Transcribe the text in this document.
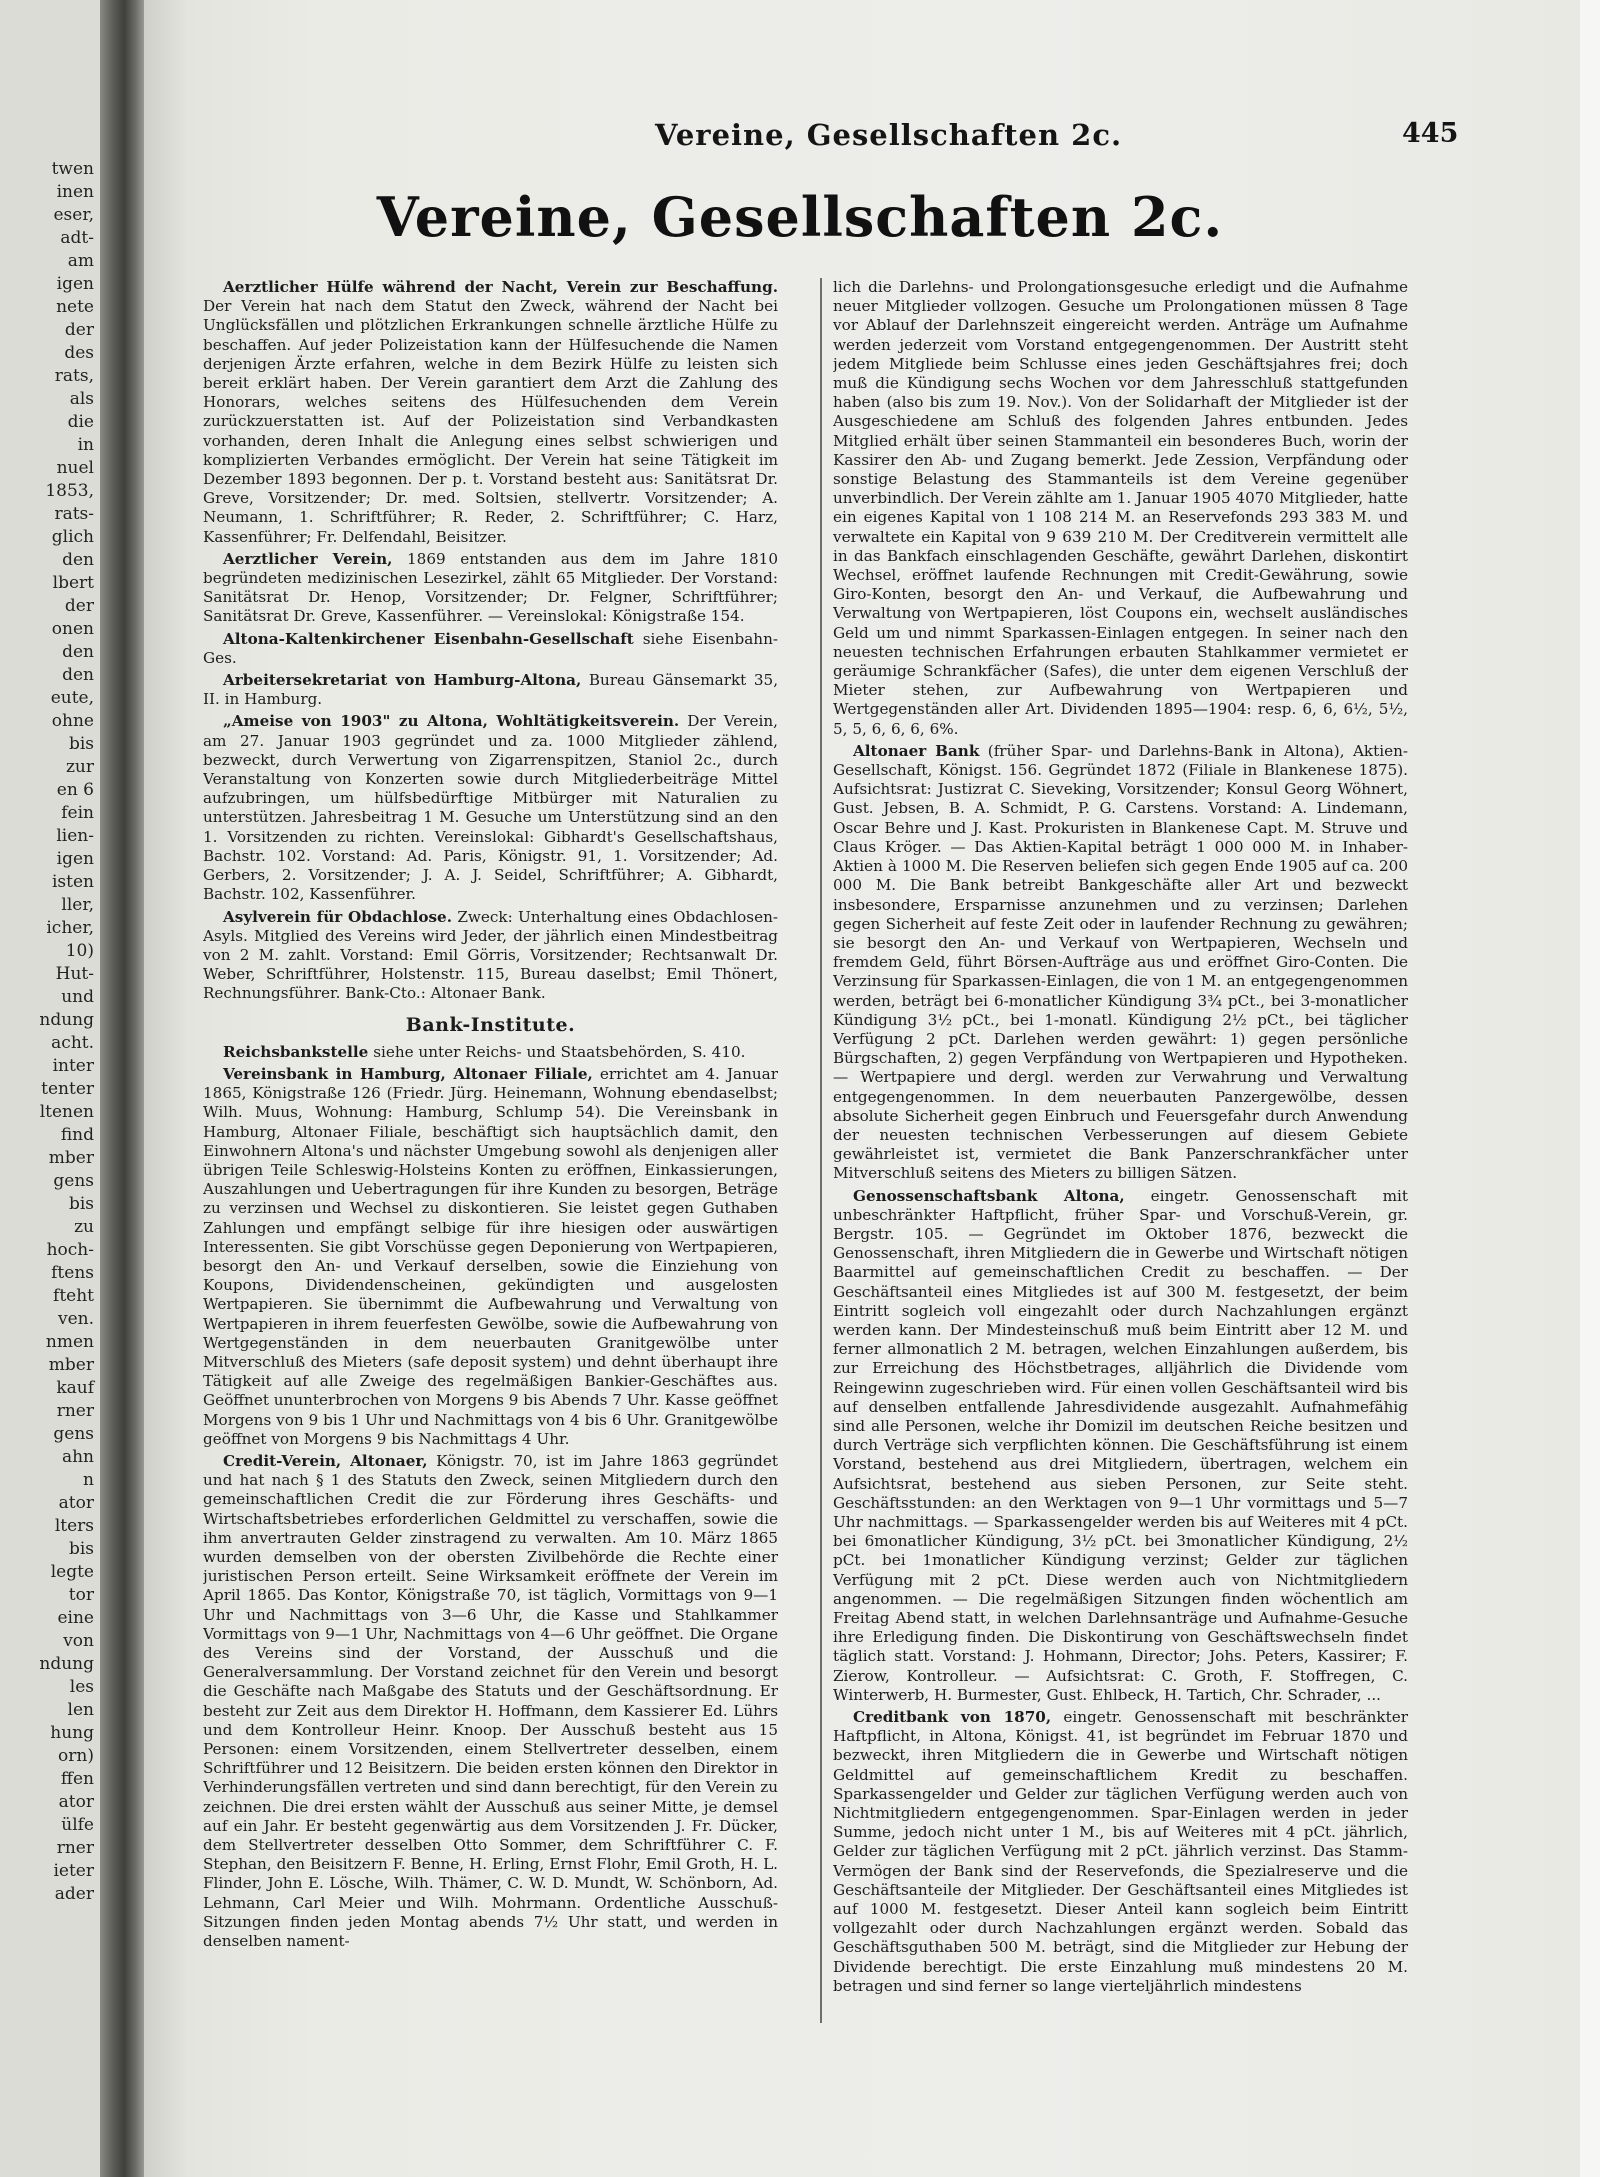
twen
inen
eser,
adt-
am
igen
nete
der
des
rats,
als
die
in
nuel
1853,
rats-
glich
den
lbert
der
onen
den
den
eute,
ohne
bis
zur
en 6
fein
lien-
igen
isten
ller,
icher,
10)
Hut-
und
ndung
acht.
inter
tenter
ltenen
find
mber
gens
bis
zu
hoch-
ftens
fteht
ven.
nmen
mber
kauf
rner
gens
ahn
n
ator
lters
bis
legte
tor
eine
von
ndung
les
len
hung
orn)
ffen
ator
ülfe
rner
ieter
ader
Vereine, Gesellschaften 2c.	445
Vereine, Gesellschaften 2c.

Aerztlicher Hülfe während der Nacht, Verein zur Beschaffung. Der Verein hat nach dem Statut den Zweck, während der Nacht bei Unglücksfällen und plötzlichen Erkrankungen schnelle ärztliche Hülfe zu beschaffen. Auf jeder Polizeistation kann der Hülfesuchende die Namen derjenigen Ärzte erfahren, welche in dem Bezirk Hülfe zu leisten sich bereit erklärt haben. Der Verein garantiert dem Arzt die Zahlung des Honorars, welches seitens des Hülfesuchenden dem Verein zurückzuerstatten ist. Auf der Polizeistation sind Verbandkasten vorhanden, deren Inhalt die Anlegung eines selbst schwierigen und komplizierten Verbandes ermöglicht. Der Verein hat seine Tätigkeit im Dezember 1893 begonnen. Der p. t. Vorstand besteht aus: Sanitätsrat Dr. Greve, Vorsitzender; Dr. med. Soltsien, stellvertr. Vorsitzender; A. Neumann, 1. Schriftführer; R. Reder, 2. Schriftführer; C. Harz, Kassenführer; Fr. Delfendahl, Beisitzer.

Aerztlicher Verein, 1869 entstanden aus dem im Jahre 1810 begründeten medizinischen Lesezirkel, zählt 65 Mitglieder. Der Vorstand: Sanitätsrat Dr. Henop, Vorsitzender; Dr. Felgner, Schriftführer; Sanitätsrat Dr. Greve, Kassenführer. — Vereinslokal: Königstraße 154.

Altona-Kaltenkirchener Eisenbahn-Gesellschaft siehe Eisenbahn-Ges.

Arbeitersekretariat von Hamburg-Altona, Bureau Gänsemarkt 35, II. in Hamburg.

„Ameise von 1903" zu Altona, Wohltätigkeitsverein. Der Verein, am 27. Januar 1903 gegründet und za. 1000 Mitglieder zählend, bezweckt, durch Verwertung von Zigarrenspitzen, Staniol 2c., durch Veranstaltung von Konzerten sowie durch Mitgliederbeiträge Mittel aufzubringen, um hülfsbedürftige Mitbürger mit Naturalien zu unterstützen. Jahresbeitrag 1 M. Gesuche um Unterstützung sind an den 1. Vorsitzenden zu richten. Vereinslokal: Gibhardt's Gesellschaftshaus, Bachstr. 102. Vorstand: Ad. Paris, Königstr. 91, 1. Vorsitzender; Ad. Gerbers, 2. Vorsitzender; J. A. J. Seidel, Schriftführer; A. Gibhardt, Bachstr. 102, Kassenführer.

Asylverein für Obdachlose. Zweck: Unterhaltung eines Obdachlosen-Asyls. Mitglied des Vereins wird Jeder, der jährlich einen Mindestbeitrag von 2 M. zahlt. Vorstand: Emil Görris, Vorsitzender; Rechtsanwalt Dr. Weber, Schriftführer, Holstenstr. 115, Bureau daselbst; Emil Thönert, Rechnungsführer. Bank-Cto.: Altonaer Bank.

Bank-Institute.

Reichsbankstelle siehe unter Reichs- und Staatsbehörden, S. 410.

Vereinsbank in Hamburg, Altonaer Filiale, errichtet am 4. Januar 1865, Königstraße 126 (Friedr. Jürg. Heinemann, Wohnung ebendaselbst; Wilh. Muus, Wohnung: Hamburg, Schlump 54). Die Vereinsbank in Hamburg, Altonaer Filiale, beschäftigt sich hauptsächlich damit, den Einwohnern Altona's und nächster Umgebung sowohl als denjenigen aller übrigen Teile Schleswig-Holsteins Konten zu eröffnen, Einkassierungen, Auszahlungen und Uebertragungen für ihre Kunden zu besorgen, Beträge zu verzinsen und Wechsel zu diskontieren. Sie leistet gegen Guthaben Zahlungen und empfängt selbige für ihre hiesigen oder auswärtigen Interessenten. Sie gibt Vorschüsse gegen Deponierung von Wertpapieren, besorgt den An- und Verkauf derselben, sowie die Einziehung von Koupons, Dividendenscheinen, gekündigten und ausgelosten Wertpapieren. Sie übernimmt die Aufbewahrung und Verwaltung von Wertpapieren in ihrem feuerfesten Gewölbe, sowie die Aufbewahrung von Wertgegenständen in dem neuerbauten Granitgewölbe unter Mitverschluß des Mieters (safe deposit system) und dehnt überhaupt ihre Tätigkeit auf alle Zweige des regelmäßigen Bankier-Geschäftes aus. Geöffnet ununterbrochen von Morgens 9 bis Abends 7 Uhr. Kasse geöffnet Morgens von 9 bis 1 Uhr und Nachmittags von 4 bis 6 Uhr. Granitgewölbe geöffnet von Morgens 9 bis Nachmittags 4 Uhr.

Credit-Verein, Altonaer, Königstr. 70, ist im Jahre 1863 gegründet und hat nach § 1 des Statuts den Zweck, seinen Mitgliedern durch den gemeinschaftlichen Credit die zur Förderung ihres Geschäfts- und Wirtschaftsbetriebes erforderlichen Geldmittel zu verschaffen, sowie die ihm anvertrauten Gelder zinstragend zu verwalten. Am 10. März 1865 wurden demselben von der obersten Zivilbehörde die Rechte einer juristischen Person erteilt. Seine Wirksamkeit eröffnete der Verein im April 1865. Das Kontor, Königstraße 70, ist täglich, Vormittags von 9—1 Uhr und Nachmittags von 3—6 Uhr, die Kasse und Stahlkammer Vormittags von 9—1 Uhr, Nachmittags von 4—6 Uhr geöffnet. Die Organe des Vereins sind der Vorstand, der Ausschuß und die Generalversammlung. Der Vorstand zeichnet für den Verein und besorgt die Geschäfte nach Maßgabe des Statuts und der Geschäftsordnung. Er besteht zur Zeit aus dem Direktor H. Hoffmann, dem Kassierer Ed. Lührs und dem Kontrolleur Heinr. Knoop. Der Ausschuß besteht aus 15 Personen: einem Vorsitzenden, einem Stellvertreter desselben, einem Schriftführer und 12 Beisitzern. Die beiden ersten können den Direktor in Verhinderungsfällen vertreten und sind dann berechtigt, für den Verein zu zeichnen. Die drei ersten wählt der Ausschuß aus seiner Mitte, je demsel auf ein Jahr. Er besteht gegenwärtig aus dem Vorsitzenden J. Fr. Dücker, dem Stellvertreter desselben Otto Sommer, dem Schriftführer C. F. Stephan, den Beisitzern F. Benne, H. Erling, Ernst Flohr, Emil Groth, H. L. Flinder, John E. Lösche, Wilh. Thämer, C. W. D. Mundt, W. Schönborn, Ad. Lehmann, Carl Meier und Wilh. Mohrmann. Ordentliche Ausschuß-Sitzungen finden jeden Montag abends 7½ Uhr statt, und werden in denselben nament-

lich die Darlehns- und Prolongationsgesuche erledigt und die Aufnahme neuer Mitglieder vollzogen. Gesuche um Prolongationen müssen 8 Tage vor Ablauf der Darlehnszeit eingereicht werden. Anträge um Aufnahme werden jederzeit vom Vorstand entgegengenommen. Der Austritt steht jedem Mitgliede beim Schlusse eines jeden Geschäftsjahres frei; doch muß die Kündigung sechs Wochen vor dem Jahresschluß stattgefunden haben (also bis zum 19. Nov.). Von der Solidarhaft der Mitglieder ist der Ausgeschiedene am Schluß des folgenden Jahres entbunden. Jedes Mitglied erhält über seinen Stammanteil ein besonderes Buch, worin der Kassirer den Ab- und Zugang bemerkt. Jede Zession, Verpfändung oder sonstige Belastung des Stammanteils ist dem Vereine gegenüber unverbindlich. Der Verein zählte am 1. Januar 1905 4070 Mitglieder, hatte ein eigenes Kapital von 1 108 214 M. an Reservefonds 293 383 M. und verwaltete ein Kapital von 9 639 210 M. Der Creditverein vermittelt alle in das Bankfach einschlagenden Geschäfte, gewährt Darlehen, diskontirt Wechsel, eröffnet laufende Rechnungen mit Credit-Gewährung, sowie Giro-Konten, besorgt den An- und Verkauf, die Aufbewahrung und Verwaltung von Wertpapieren, löst Coupons ein, wechselt ausländisches Geld um und nimmt Sparkassen-Einlagen entgegen. In seiner nach den neuesten technischen Erfahrungen erbauten Stahlkammer vermietet er geräumige Schrankfächer (Safes), die unter dem eigenen Verschluß der Mieter stehen, zur Aufbewahrung von Wertpapieren und Wertgegenständen aller Art. Dividenden 1895—1904: resp. 6, 6, 6½, 5½, 5, 5, 6, 6, 6, 6%.

Altonaer Bank (früher Spar- und Darlehns-Bank in Altona), Aktien-Gesellschaft, Königst. 156. Gegründet 1872 (Filiale in Blankenese 1875). Aufsichtsrat: Justizrat C. Sieveking, Vorsitzender; Konsul Georg Wöhnert, Gust. Jebsen, B. A. Schmidt, P. G. Carstens. Vorstand: A. Lindemann, Oscar Behre und J. Kast. Prokuristen in Blankenese Capt. M. Struve und Claus Kröger. — Das Aktien-Kapital beträgt 1 000 000 M. in Inhaber-Aktien à 1000 M. Die Reserven beliefen sich gegen Ende 1905 auf ca. 200 000 M. Die Bank betreibt Bankgeschäfte aller Art und bezweckt insbesondere, Ersparnisse anzunehmen und zu verzinsen; Darlehen gegen Sicherheit auf feste Zeit oder in laufender Rechnung zu gewähren; sie besorgt den An- und Verkauf von Wertpapieren, Wechseln und fremdem Geld, führt Börsen-Aufträge aus und eröffnet Giro-Conten. Die Verzinsung für Sparkassen-Einlagen, die von 1 M. an entgegengenommen werden, beträgt bei 6-monatlicher Kündigung 3¾ pCt., bei 3-monatlicher Kündigung 3½ pCt., bei 1-monatl. Kündigung 2½ pCt., bei täglicher Verfügung 2 pCt. Darlehen werden gewährt: 1) gegen persönliche Bürgschaften, 2) gegen Verpfändung von Wertpapieren und Hypotheken. — Wertpapiere und dergl. werden zur Verwahrung und Verwaltung entgegengenommen. In dem neuerbauten Panzergewölbe, dessen absolute Sicherheit gegen Einbruch und Feuersgefahr durch Anwendung der neuesten technischen Verbesserungen auf diesem Gebiete gewährleistet ist, vermietet die Bank Panzerschrankfächer unter Mitverschluß seitens des Mieters zu billigen Sätzen.

Genossenschaftsbank Altona, eingetr. Genossenschaft mit unbeschränkter Haftpflicht, früher Spar- und Vorschuß-Verein, gr. Bergstr. 105. — Gegründet im Oktober 1876, bezweckt die Genossenschaft, ihren Mitgliedern die in Gewerbe und Wirtschaft nötigen Baarmittel auf gemeinschaftlichen Credit zu beschaffen. — Der Geschäftsanteil eines Mitgliedes ist auf 300 M. festgesetzt, der beim Eintritt sogleich voll eingezahlt oder durch Nachzahlungen ergänzt werden kann. Der Mindesteinschuß muß beim Eintritt aber 12 M. und ferner allmonatlich 2 M. betragen, welchen Einzahlungen außerdem, bis zur Erreichung des Höchstbetrages, alljährlich die Dividende vom Reingewinn zugeschrieben wird. Für einen vollen Geschäftsanteil wird bis auf denselben entfallende Jahresdividende ausgezahlt. Aufnahmefähig sind alle Personen, welche ihr Domizil im deutschen Reiche besitzen und durch Verträge sich verpflichten können. Die Geschäftsführung ist einem Vorstand, bestehend aus drei Mitgliedern, übertragen, welchem ein Aufsichtsrat, bestehend aus sieben Personen, zur Seite steht. Geschäftsstunden: an den Werktagen von 9—1 Uhr vormittags und 5—7 Uhr nachmittags. — Sparkassengelder werden bis auf Weiteres mit 4 pCt. bei 6monatlicher Kündigung, 3½ pCt. bei 3monatlicher Kündigung, 2½ pCt. bei 1monatlicher Kündigung verzinst; Gelder zur täglichen Verfügung mit 2 pCt. Diese werden auch von Nichtmitgliedern angenommen. — Die regelmäßigen Sitzungen finden wöchentlich am Freitag Abend statt, in welchen Darlehnsanträge und Aufnahme-Gesuche ihre Erledigung finden. Die Diskontirung von Geschäftswechseln findet täglich statt. Vorstand: J. Hohmann, Director; Johs. Peters, Kassirer; F. Zierow, Kontrolleur. — Aufsichtsrat: C. Groth, F. Stoffregen, C. Winterwerb, H. Burmester, Gust. Ehlbeck, H. Tartich, Chr. Schrader, ...

Creditbank von 1870, eingetr. Genossenschaft mit beschränkter Haftpflicht, in Altona, Königst. 41, ist begründet im Februar 1870 und bezweckt, ihren Mitgliedern die in Gewerbe und Wirtschaft nötigen Geldmittel auf gemeinschaftlichem Kredit zu beschaffen. Sparkassengelder und Gelder zur täglichen Verfügung werden auch von Nichtmitgliedern entgegengenommen. Spar-Einlagen werden in jeder Summe, jedoch nicht unter 1 M., bis auf Weiteres mit 4 pCt. jährlich, Gelder zur täglichen Verfügung mit 2 pCt. jährlich verzinst. Das Stamm-Vermögen der Bank sind der Reservefonds, die Spezialreserve und die Geschäftsanteile der Mitglieder. Der Geschäftsanteil eines Mitgliedes ist auf 1000 M. festgesetzt. Dieser Anteil kann sogleich beim Eintritt vollgezahlt oder durch Nachzahlungen ergänzt werden. Sobald das Geschäftsguthaben 500 M. beträgt, sind die Mitglieder zur Hebung der Dividende berechtigt. Die erste Einzahlung muß mindestens 20 M. betragen und sind ferner so lange vierteljährlich mindestens
